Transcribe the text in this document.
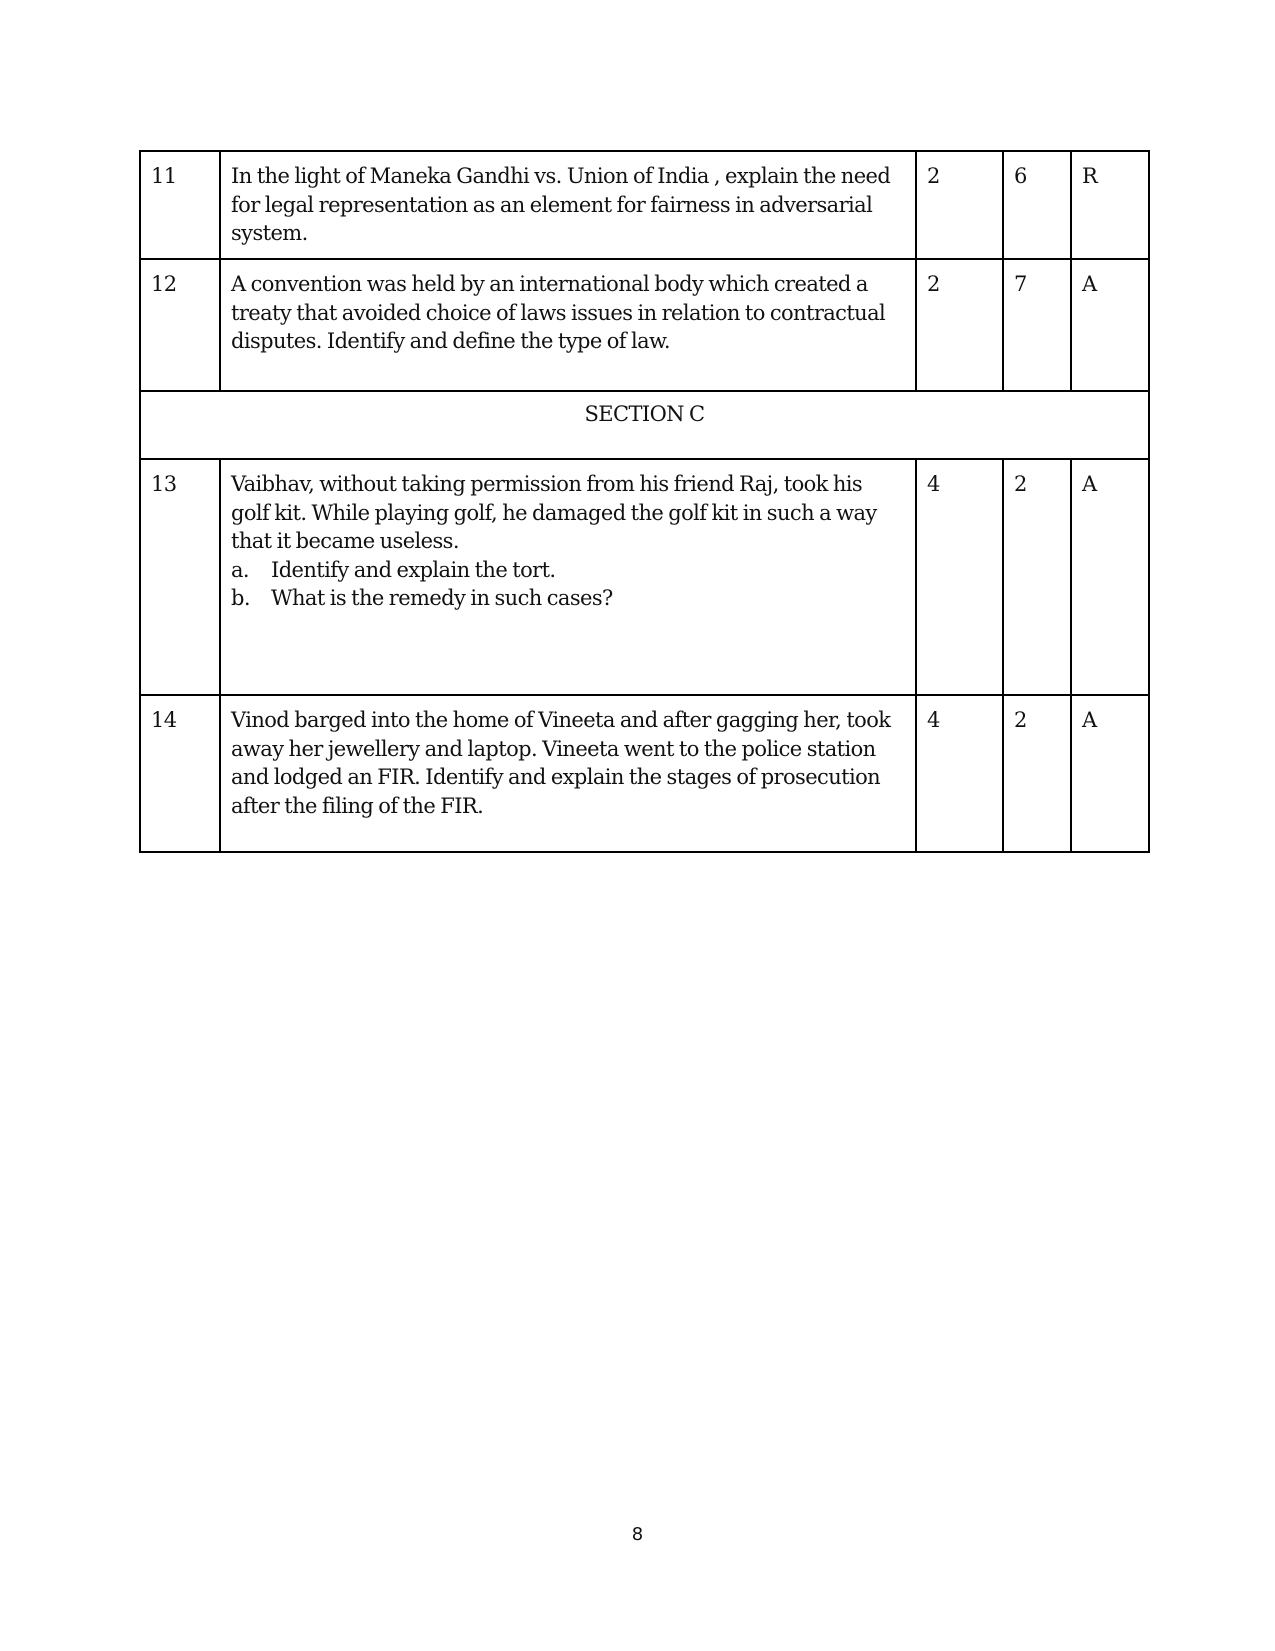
11	In the light of Maneka Gandhi vs. Union of India , explain the need for legal representation as an element for fairness in adversarial system.	2	6	R
12	A convention was held by an international body which created a treaty that avoided choice of laws issues in relation to contractual disputes. Identify and define the type of law.	2	7	A
SECTION C				
13	Vaibhav, without taking permission from his friend Raj, took his golf kit. While playing golf, he damaged the golf kit in such a way that it became useless.
a. Identify and explain the tort.
b. What is the remedy in such cases?	4	2	A
14	Vinod barged into the home of Vineeta and after gagging her, took away her jewellery and laptop. Vineeta went to the police station and lodged an FIR. Identify and explain the stages of prosecution after the filing of the FIR.	4	2	A
8
